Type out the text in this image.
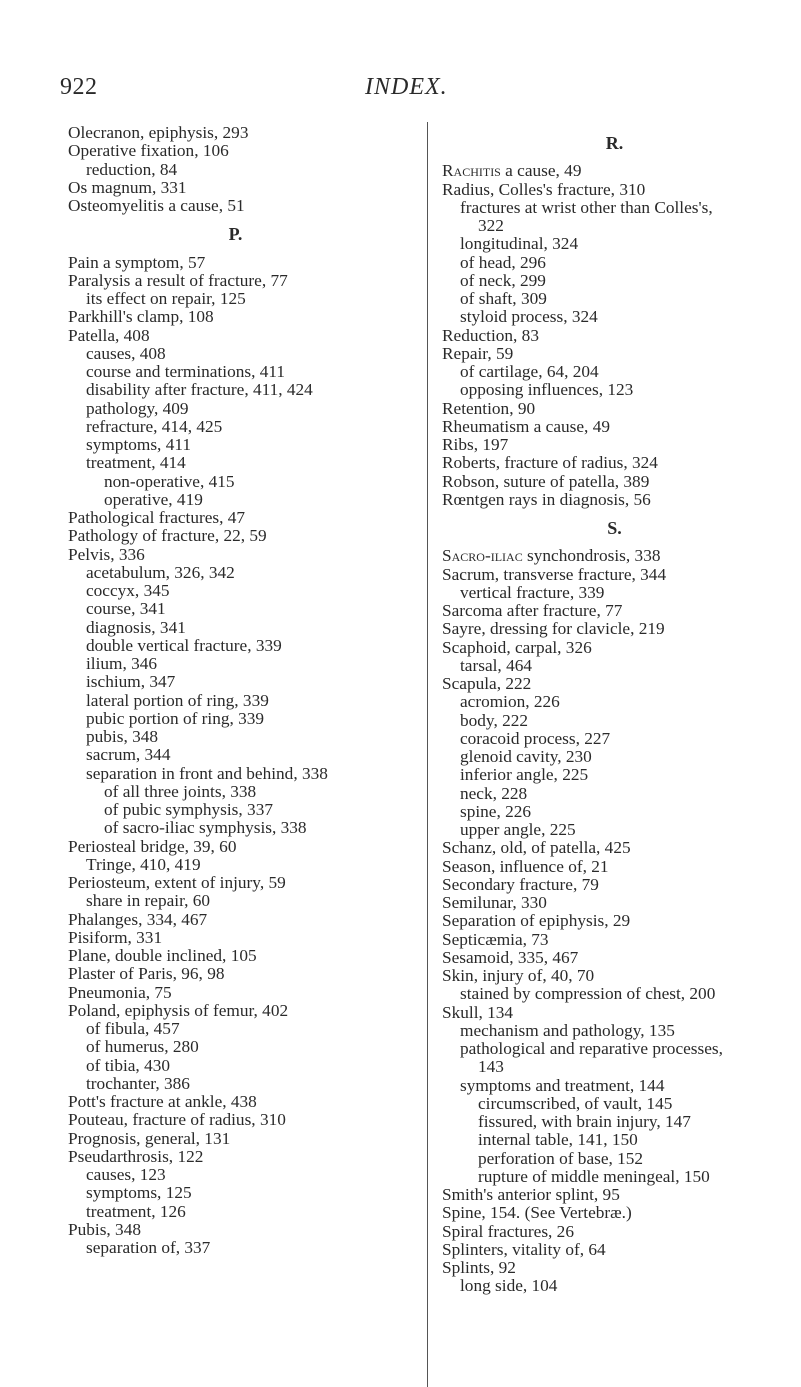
922	INDEX.
Olecranon, epiphysis, 293
Operative fixation, 106
reduction, 84
Os magnum, 331
Osteomyelitis a cause, 51
P.
Pain a symptom, 57
Paralysis a result of fracture, 77
its effect on repair, 125
Parkhill's clamp, 108
Patella, 408
causes, 408
course and terminations, 411
disability after fracture, 411, 424
pathology, 409
refracture, 414, 425
symptoms, 411
treatment, 414
non-operative, 415
operative, 419
Pathological fractures, 47
Pathology of fracture, 22, 59
Pelvis, 336
acetabulum, 326, 342
coccyx, 345
course, 341
diagnosis, 341
double vertical fracture, 339
ilium, 346
ischium, 347
lateral portion of ring, 339
pubic portion of ring, 339
pubis, 348
sacrum, 344
separation in front and behind, 338
of all three joints, 338
of pubic symphysis, 337
of sacro-iliac symphysis, 338
Periosteal bridge, 39, 60
Tringe, 410, 419
Periosteum, extent of injury, 59
share in repair, 60
Phalanges, 334, 467
Pisiform, 331
Plane, double inclined, 105
Plaster of Paris, 96, 98
Pneumonia, 75
Poland, epiphysis of femur, 402
of fibula, 457
of humerus, 280
of tibia, 430
trochanter, 386
Pott's fracture at ankle, 438
Pouteau, fracture of radius, 310
Prognosis, general, 131
Pseudarthrosis, 122
causes, 123
symptoms, 125
treatment, 126
Pubis, 348
separation of, 337
R.
Rachitis a cause, 49
Radius, Colles's fracture, 310
fractures at wrist other than Colles's,
322
longitudinal, 324
of head, 296
of neck, 299
of shaft, 309
styloid process, 324
Reduction, 83
Repair, 59
of cartilage, 64, 204
opposing influences, 123
Retention, 90
Rheumatism a cause, 49
Ribs, 197
Roberts, fracture of radius, 324
Robson, suture of patella, 389
Rœntgen rays in diagnosis, 56
S.
Sacro-iliac synchondrosis, 338
Sacrum, transverse fracture, 344
vertical fracture, 339
Sarcoma after fracture, 77
Sayre, dressing for clavicle, 219
Scaphoid, carpal, 326
tarsal, 464
Scapula, 222
acromion, 226
body, 222
coracoid process, 227
glenoid cavity, 230
inferior angle, 225
neck, 228
spine, 226
upper angle, 225
Schanz, old, of patella, 425
Season, influence of, 21
Secondary fracture, 79
Semilunar, 330
Separation of epiphysis, 29
Septicæmia, 73
Sesamoid, 335, 467
Skin, injury of, 40, 70
stained by compression of chest, 200
Skull, 134
mechanism and pathology, 135
pathological and reparative processes,
143
symptoms and treatment, 144
circumscribed, of vault, 145
fissured, with brain injury, 147
internal table, 141, 150
perforation of base, 152
rupture of middle meningeal, 150
Smith's anterior splint, 95
Spine, 154. (See Vertebræ.)
Spiral fractures, 26
Splinters, vitality of, 64
Splints, 92
long side, 104
